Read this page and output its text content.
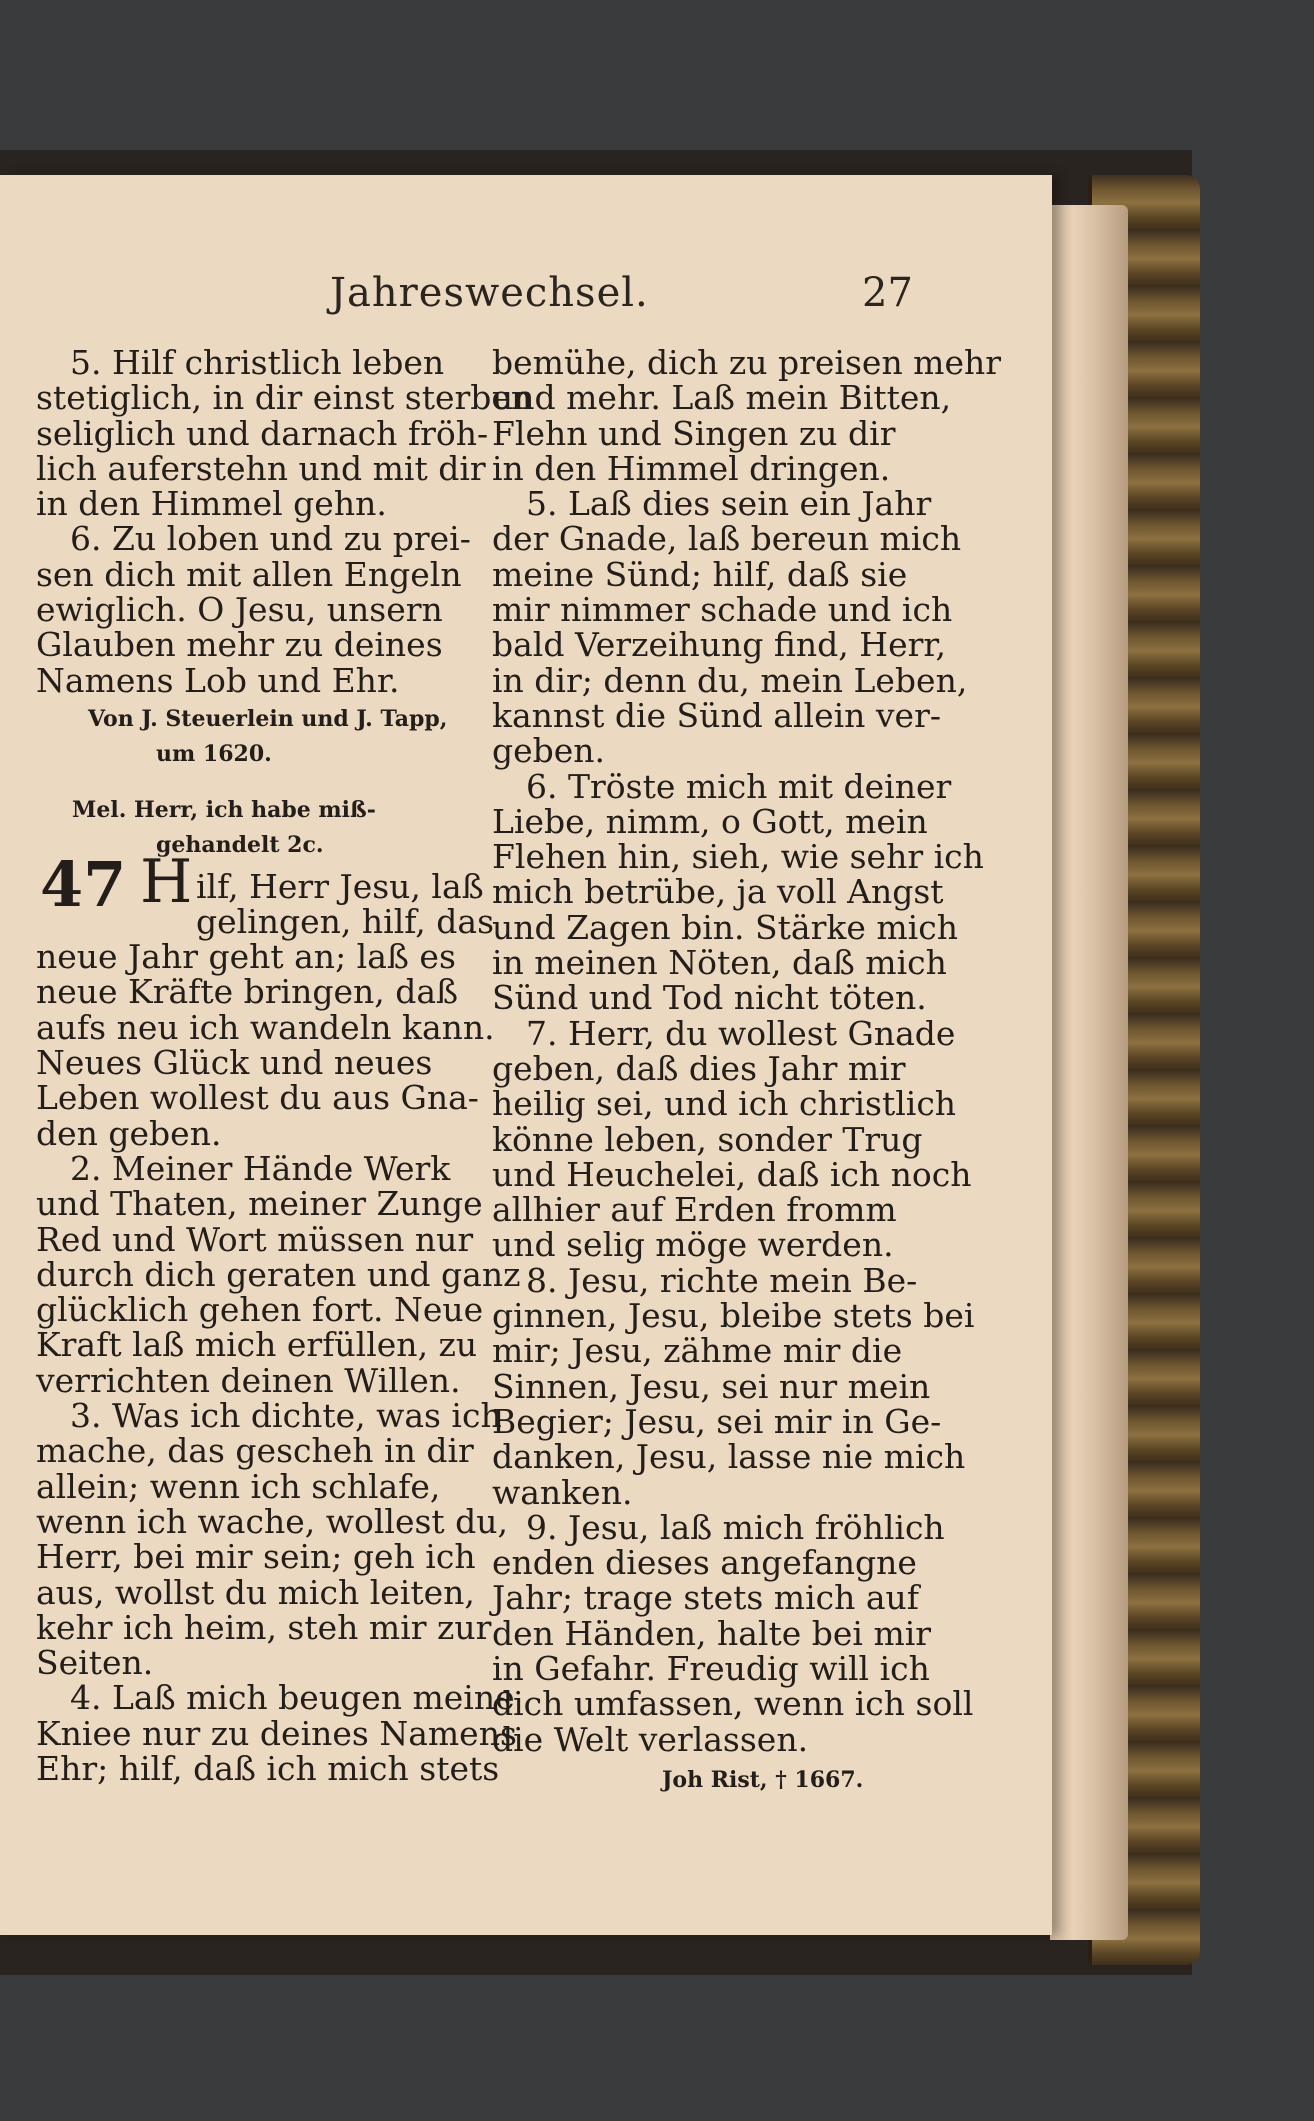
Jahreswechsel.	27
5. Hilf christlich leben
stetiglich, in dir einst sterben
seliglich und darnach fröh-
lich auferstehn und mit dir
in den Himmel gehn.
6. Zu loben und zu prei-
sen dich mit allen Engeln
ewiglich. O Jesu, unsern
Glauben mehr zu deines
Namens Lob und Ehr.
Von J. Steuerlein und J. Tapp,
um 1620.
Mel. Herr, ich habe miß-
gehandelt 2c.
47 H ilf, Herr Jesu, laß
gelingen, hilf, das
neue Jahr geht an; laß es
neue Kräfte bringen, daß
aufs neu ich wandeln kann.
Neues Glück und neues
Leben wollest du aus Gna-
den geben.
2. Meiner Hände Werk
und Thaten, meiner Zunge
Red und Wort müssen nur
durch dich geraten und ganz
glücklich gehen fort. Neue
Kraft laß mich erfüllen, zu
verrichten deinen Willen.
3. Was ich dichte, was ich
mache, das gescheh in dir
allein; wenn ich schlafe,
wenn ich wache, wollest du,
Herr, bei mir sein; geh ich
aus, wollst du mich leiten,
kehr ich heim, steh mir zur
Seiten.
4. Laß mich beugen meine
Kniee nur zu deines Namens
Ehr; hilf, daß ich mich stets
bemühe, dich zu preisen mehr
und mehr. Laß mein Bitten,
Flehn und Singen zu dir
in den Himmel dringen.
5. Laß dies sein ein Jahr
der Gnade, laß bereun mich
meine Sünd; hilf, daß sie
mir nimmer schade und ich
bald Verzeihung find, Herr,
in dir; denn du, mein Leben,
kannst die Sünd allein ver-
geben.
6. Tröste mich mit deiner
Liebe, nimm, o Gott, mein
Flehen hin, sieh, wie sehr ich
mich betrübe, ja voll Angst
und Zagen bin. Stärke mich
in meinen Nöten, daß mich
Sünd und Tod nicht töten.
7. Herr, du wollest Gnade
geben, daß dies Jahr mir
heilig sei, und ich christlich
könne leben, sonder Trug
und Heuchelei, daß ich noch
allhier auf Erden fromm
und selig möge werden.
8. Jesu, richte mein Be-
ginnen, Jesu, bleibe stets bei
mir; Jesu, zähme mir die
Sinnen, Jesu, sei nur mein
Begier; Jesu, sei mir in Ge-
danken, Jesu, lasse nie mich
wanken.
9. Jesu, laß mich fröhlich
enden dieses angefangne
Jahr; trage stets mich auf
den Händen, halte bei mir
in Gefahr. Freudig will ich
dich umfassen, wenn ich soll
die Welt verlassen.
Joh Rist, † 1667.
